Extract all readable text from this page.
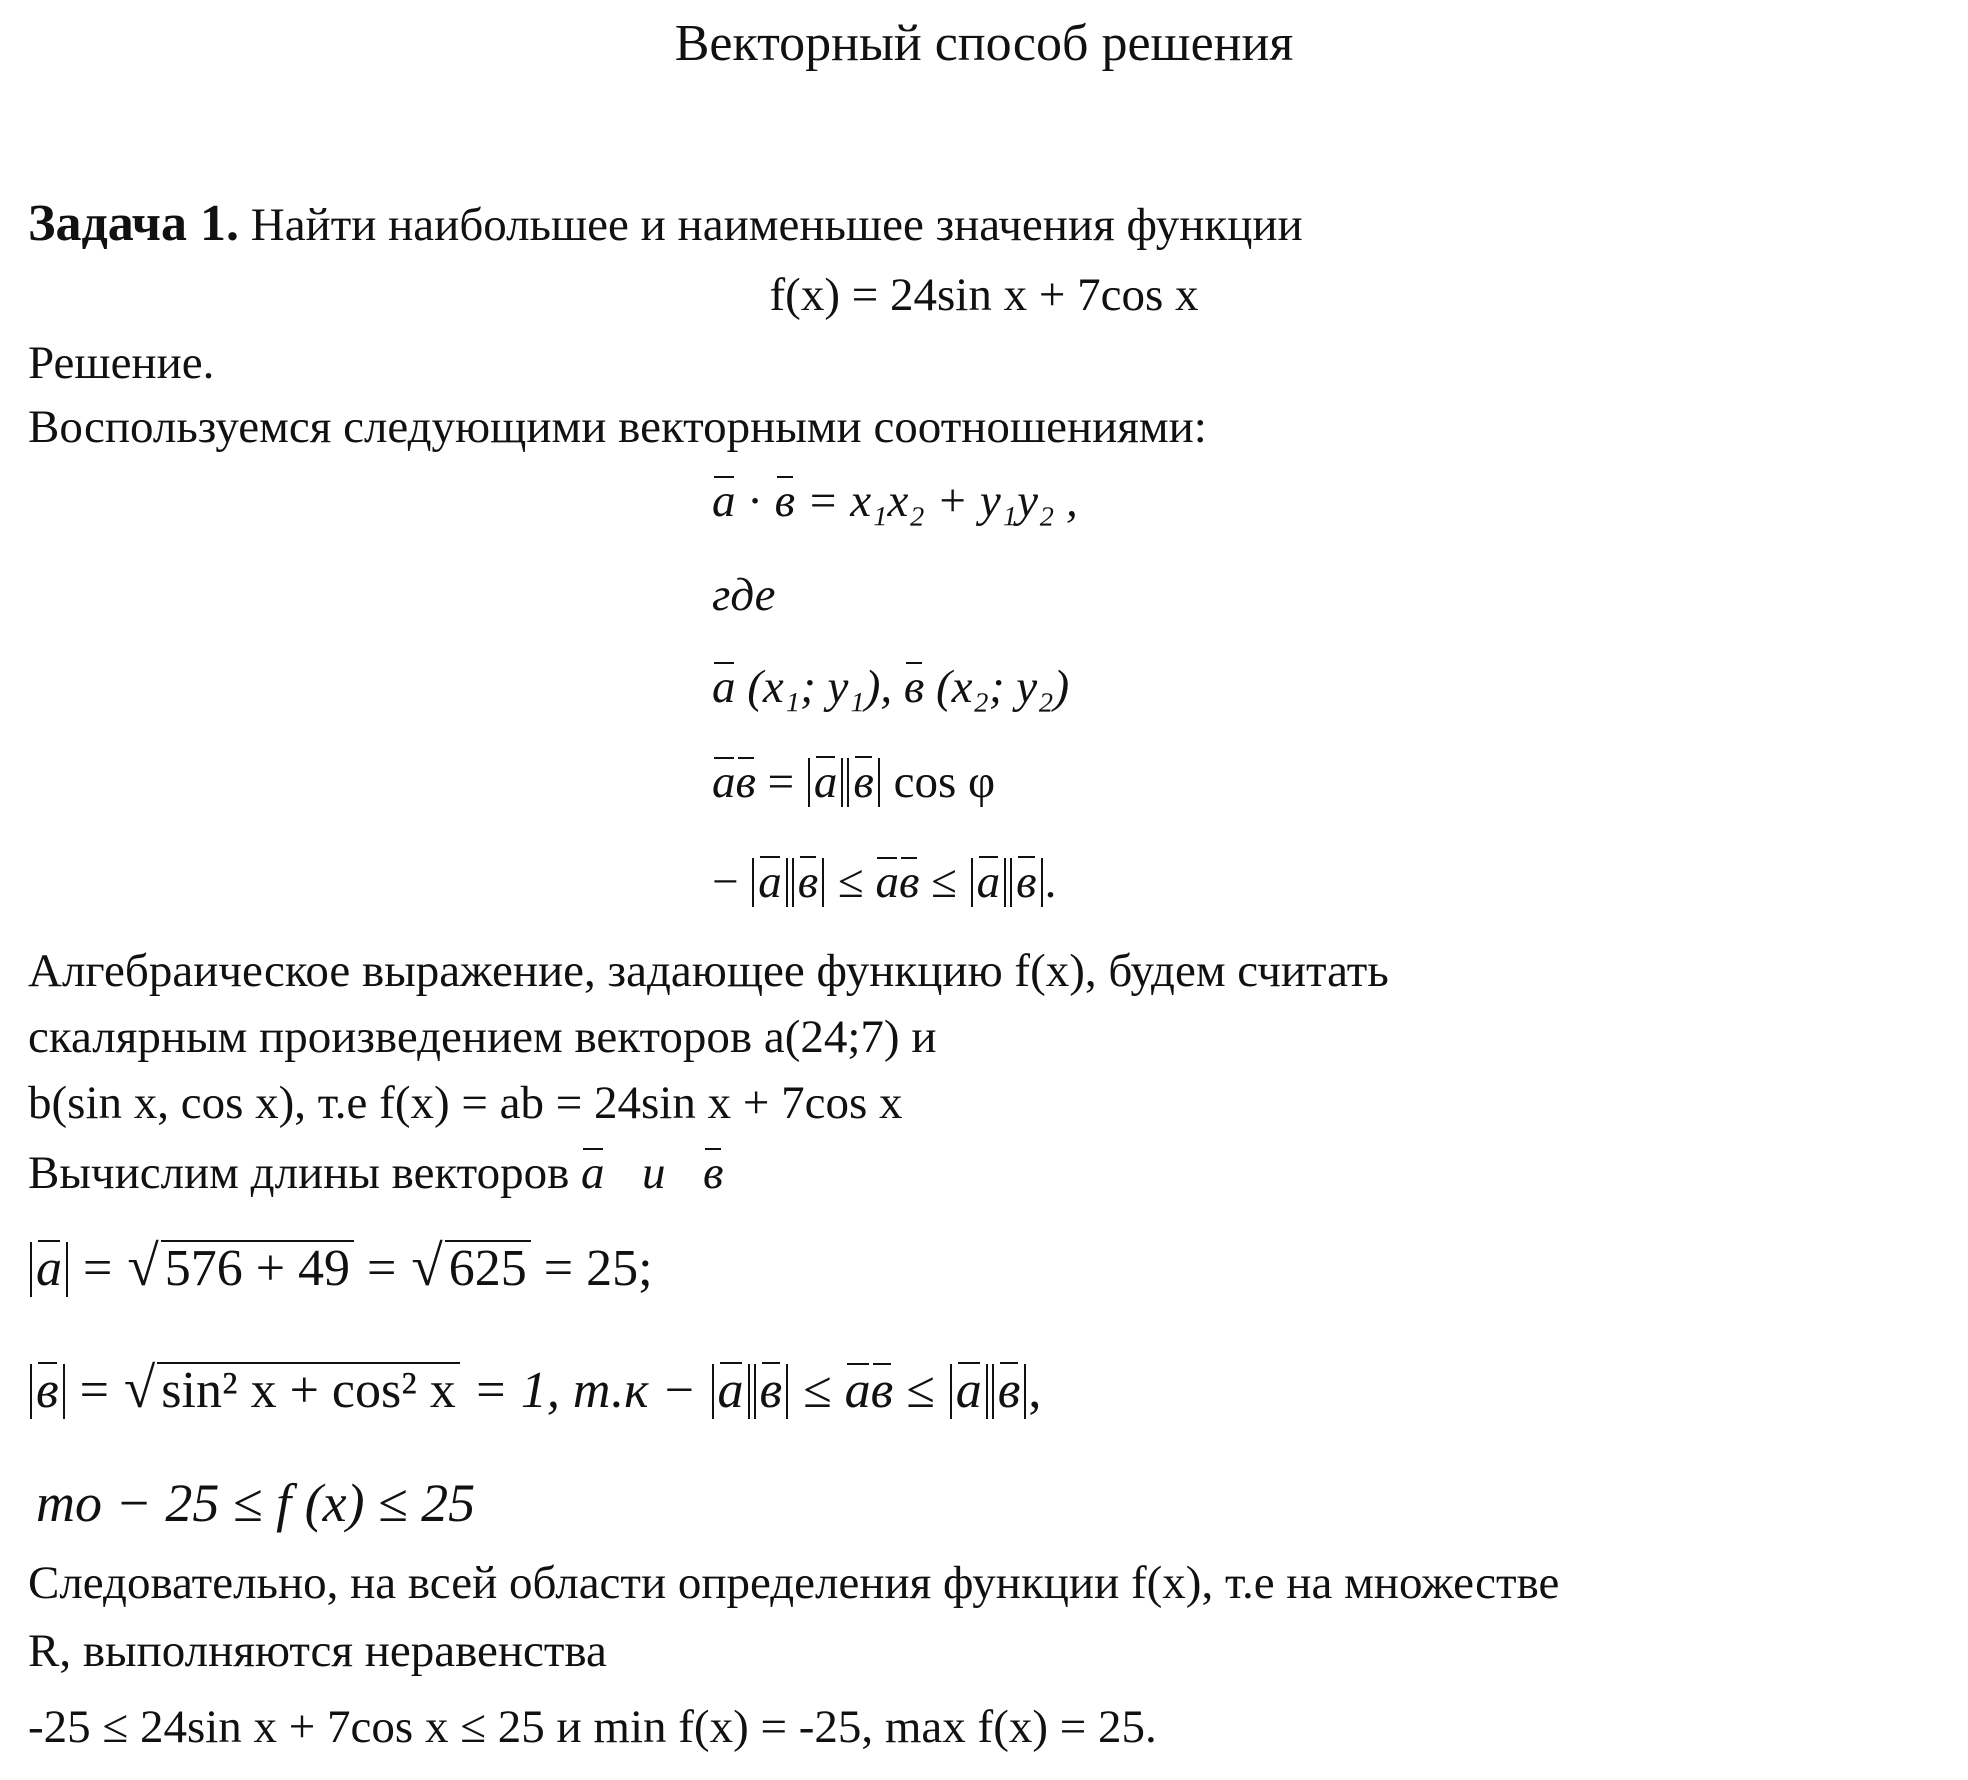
Векторный способ решения
Задача 1. Найти наибольшее и наименьшее значения функции
f(x) = 24sin x + 7cos x
Решение.
Воспользуемся следующими векторными соотношениями:
a · в = x₁x₂ + y₁y₂ ,
где
a (x₁; y₁), в (x₂; y₂)
aв = a в cos φ
− a в ≤ aв ≤ a в .
Алгебраическое выражение, задающее функцию f(x), будем считать
скалярным произведением векторов a(24;7) и
b(sin x, cos x), т.е f(x) = ab = 24sin x + 7cos x
Вычислим длины векторов a и в
a = √ 576 + 49 = √ 625 = 25;
в = √ sin² x + cos² x = 1, т.к − a в ≤ aв ≤ a в ,
то − 25 ≤ f (x) ≤ 25
Следовательно, на всей области определения функции f(x), т.е на множестве
R, выполняются неравенства
-25 ≤ 24sin x + 7cos x ≤ 25 и min f(x) = -25, max f(x) = 25.
